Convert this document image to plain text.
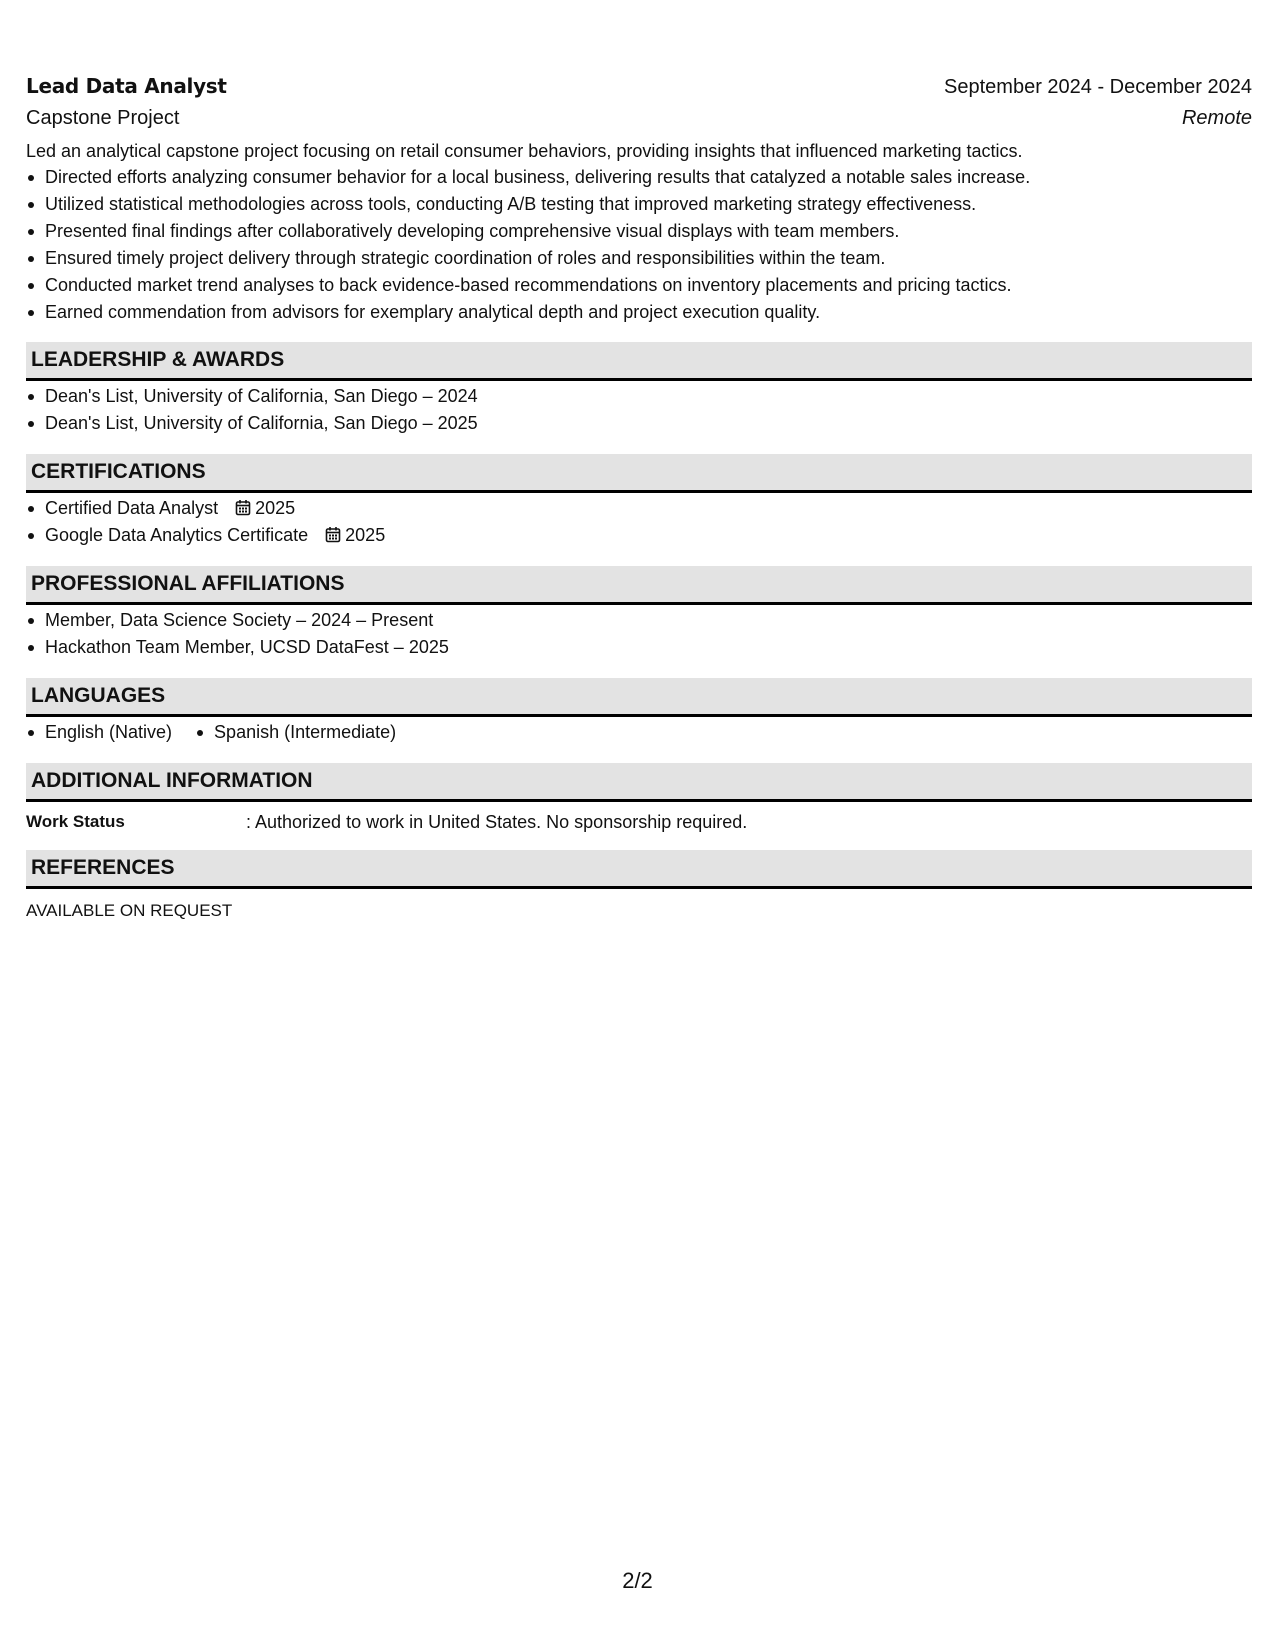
Lead Data Analyst	September 2024 - December 2024
Capstone Project	Remote
Led an analytical capstone project focusing on retail consumer behaviors, providing insights that influenced marketing tactics.
Directed efforts analyzing consumer behavior for a local business, delivering results that catalyzed a notable sales increase.
Utilized statistical methodologies across tools, conducting A/B testing that improved marketing strategy effectiveness.
Presented final findings after collaboratively developing comprehensive visual displays with team members.
Ensured timely project delivery through strategic coordination of roles and responsibilities within the team.
Conducted market trend analyses to back evidence-based recommendations on inventory placements and pricing tactics.
Earned commendation from advisors for exemplary analytical depth and project execution quality.
LEADERSHIP & AWARDS
Dean's List, University of California, San Diego – 2024
Dean's List, University of California, San Diego – 2025
CERTIFICATIONS
Certified Data Analyst 2025
Google Data Analytics Certificate 2025
PROFESSIONAL AFFILIATIONS
Member, Data Science Society – 2024 – Present
Hackathon Team Member, UCSD DataFest – 2025
LANGUAGES
English (Native)	Spanish (Intermediate)
ADDITIONAL INFORMATION
Work Status	: Authorized to work in United States. No sponsorship required.
REFERENCES
AVAILABLE ON REQUEST
2/2
